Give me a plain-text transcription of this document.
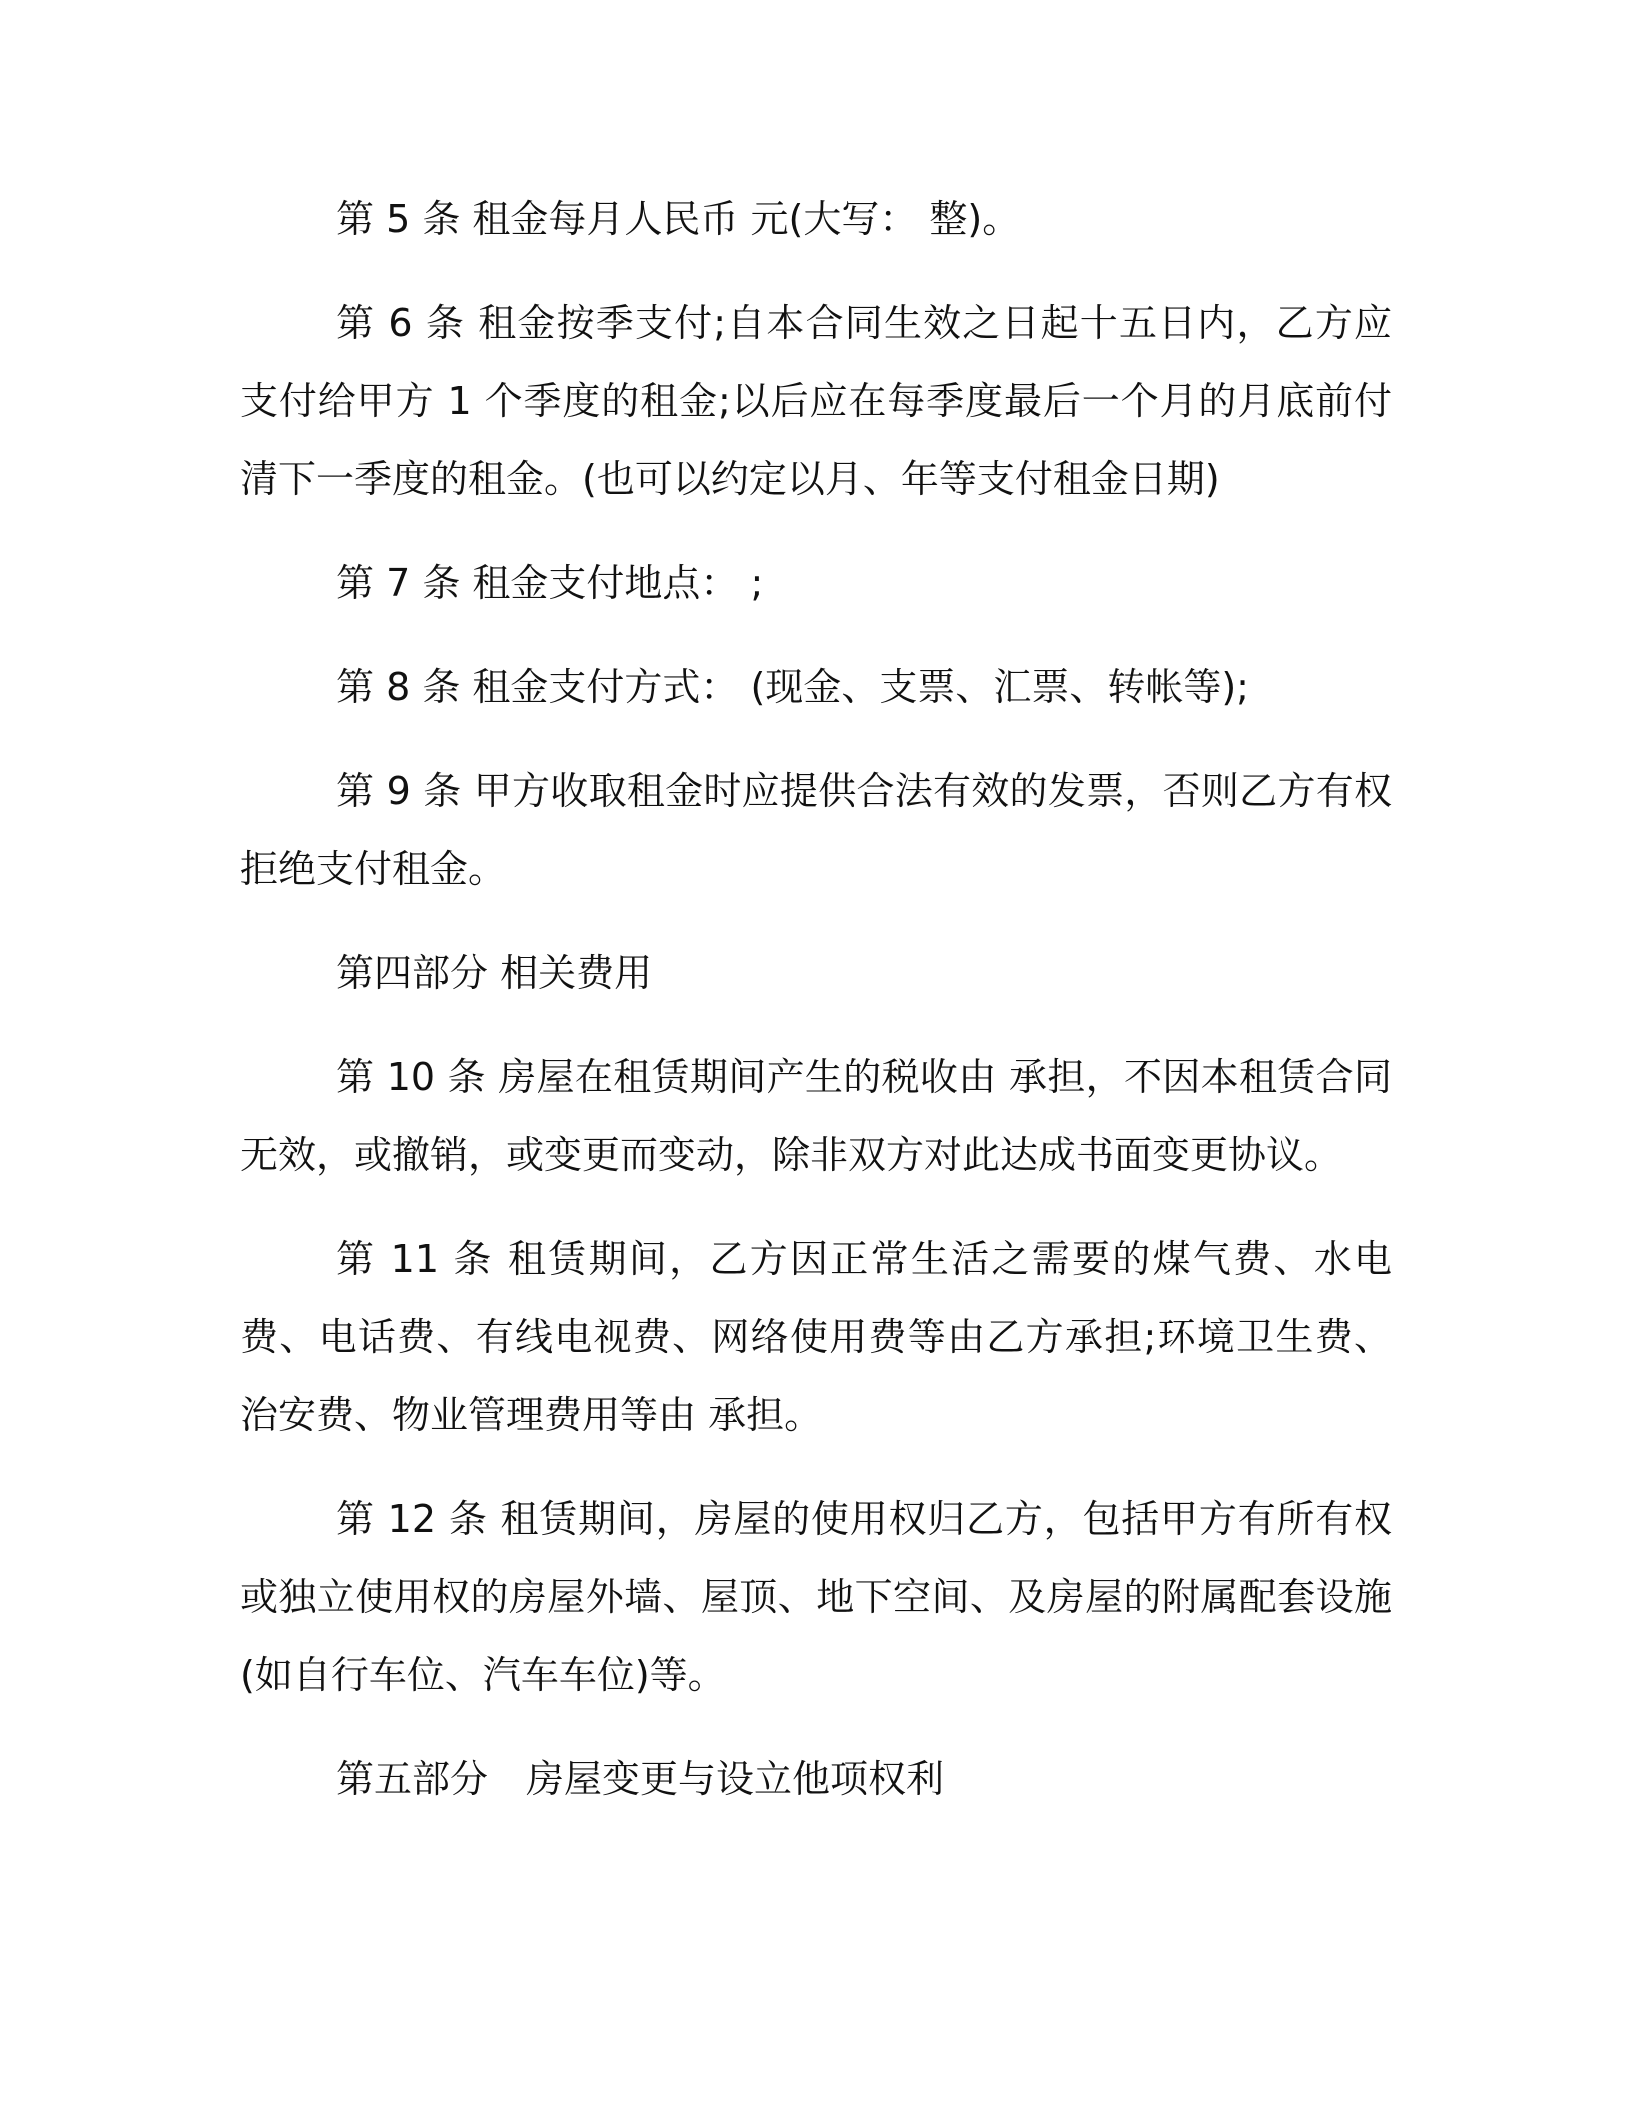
第 5 条 租金每月人民币 元(大写： 整)。

第 6 条 租金按季支付;自本合同生效之日起十五日内，乙方应支付给甲方 1 个季度的租金;以后应在每季度最后一个月的月底前付清下一季度的租金。(也可以约定以月、年等支付租金日期)

第 7 条 租金支付地点： ;

第 8 条 租金支付方式： (现金、支票、汇票、转帐等);

第 9 条 甲方收取租金时应提供合法有效的发票，否则乙方有权拒绝支付租金。

第四部分 相关费用

第 10 条 房屋在租赁期间产生的税收由 承担，不因本租赁合同无效，或撤销，或变更而变动，除非双方对此达成书面变更协议。

第 11 条 租赁期间，乙方因正常生活之需要的煤气费、水电费、电话费、有线电视费、网络使用费等由乙方承担;环境卫生费、治安费、物业管理费用等由 承担。

第 12 条 租赁期间，房屋的使用权归乙方，包括甲方有所有权或独立使用权的房屋外墙、屋顶、地下空间、及房屋的附属配套设施(如自行车位、汽车车位)等。

第五部分　房屋变更与设立他项权利
